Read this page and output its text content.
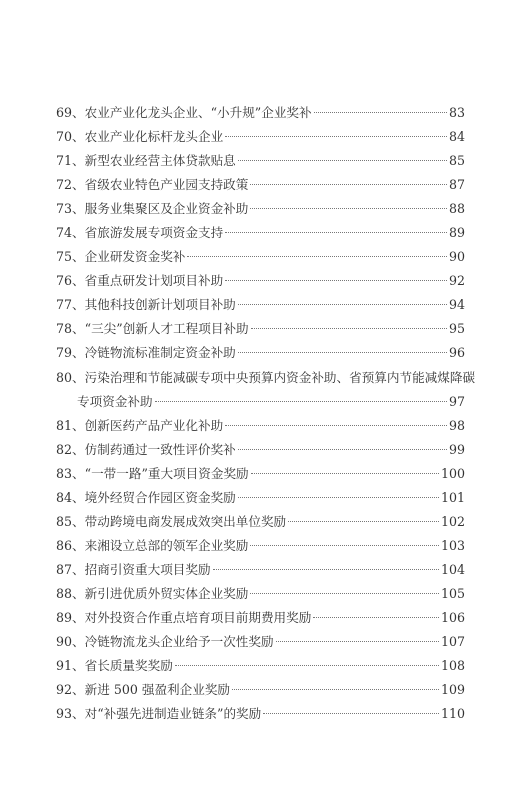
69、 农业产业化龙头企业、“小升规”企业奖补	83
70、 农业产业化标杆龙头企业	84
71、 新型农业经营主体贷款贴息	85
72、 省级农业特色产业园支持政策	87
73、 服务业集聚区及企业资金补助	88
74、 省旅游发展专项资金支持	89
75、 企业研发资金奖补	90
76、 省重点研发计划项目补助	92
77、 其他科技创新计划项目补助	94
78、 “三尖”创新人才工程项目补助	95
79、 冷链物流标准制定资金补助	96
80、 污染治理和节能减碳专项中央预算内资金补助、省预算内节能减煤降碳
专项资金补助	97
81、 创新医药产品产业化补助	98
82、 仿制药通过一致性评价奖补	99
83、 “一带一路”重大项目资金奖励	100
84、 境外经贸合作园区资金奖励	101
85、 带动跨境电商发展成效突出单位奖励	102
86、 来湘设立总部的领军企业奖励	103
87、 招商引资重大项目奖励	104
88、 新引进优质外贸实体企业奖励	105
89、 对外投资合作重点培育项目前期费用奖励	106
90、 冷链物流龙头企业给予一次性奖励	107
91、 省长质量奖奖励	108
92、 新进 500 强盈利企业奖励	109
93、 对“补强先进制造业链条”的奖励	110
